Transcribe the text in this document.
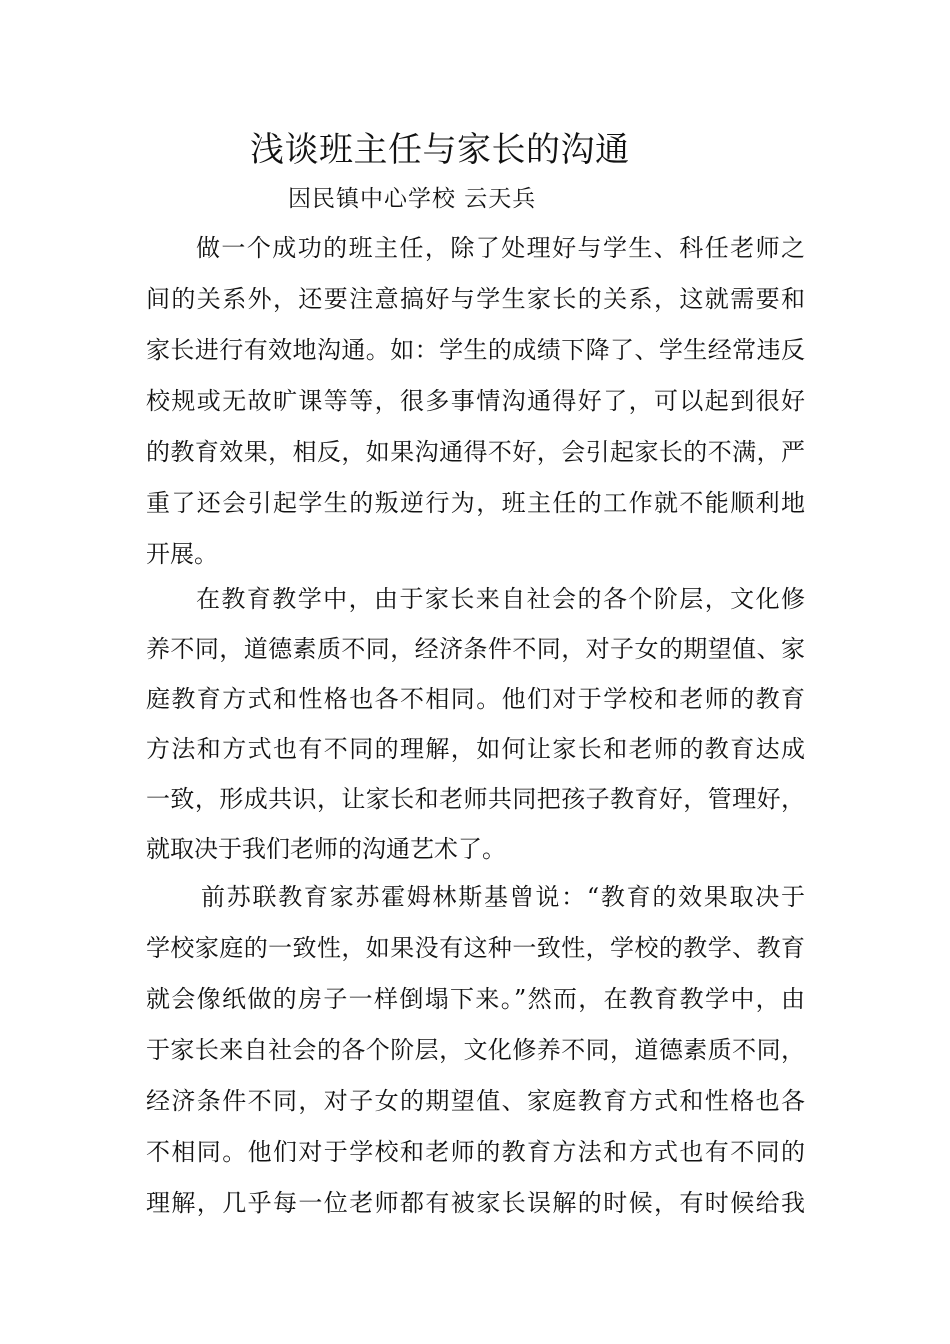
浅谈班主任与家长的沟通
因民镇中心学校 云天兵
做一个成功的班主任，除了处理好与学生、科任老师之
间的关系外，还要注意搞好与学生家长的关系，这就需要和
家长进行有效地沟通。如：学生的成绩下降了、学生经常违反
校规或无故旷课等等，很多事情沟通得好了，可以起到很好
的教育效果，相反，如果沟通得不好，会引起家长的不满，严
重了还会引起学生的叛逆行为，班主任的工作就不能顺利地
开展。
在教育教学中，由于家长来自社会的各个阶层，文化修
养不同，道德素质不同，经济条件不同，对子女的期望值、家
庭教育方式和性格也各不相同。他们对于学校和老师的教育
方法和方式也有不同的理解，如何让家长和老师的教育达成
一致，形成共识，让家长和老师共同把孩子教育好，管理好，
就取决于我们老师的沟通艺术了。
前苏联教育家苏霍姆林斯基曾说：“教育的效果取决于
学校家庭的一致性，如果没有这种一致性，学校的教学、教育
就会像纸做的房子一样倒塌下来。”然而，在教育教学中，由
于家长来自社会的各个阶层，文化修养不同，道德素质不同，
经济条件不同，对子女的期望值、家庭教育方式和性格也各
不相同。他们对于学校和老师的教育方法和方式也有不同的
理解，几乎每一位老师都有被家长误解的时候，有时候给我
